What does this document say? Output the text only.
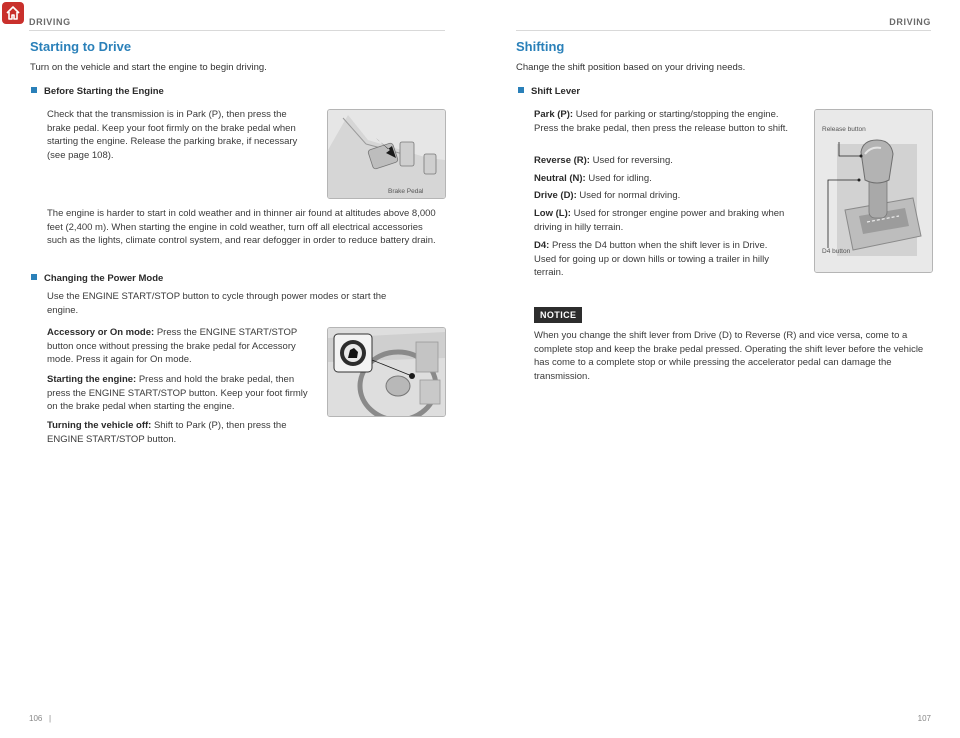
DRIVING	DRIVING
Starting to Drive
Turn on the vehicle and start the engine to begin driving.
Before Starting the Engine
Check that the transmission is in Park (P), then press the brake pedal. Keep your foot firmly on the brake pedal when starting the engine. Release the parking brake, if necessary (see page 108).
Brake Pedal
The engine is harder to start in cold weather and in thinner air found at altitudes above 8,000 feet (2,400 m). When starting the engine in cold weather, turn off all electrical accessories such as the lights, climate control system, and rear defogger in order to reduce battery drain.
Changing the Power Mode
Use the ENGINE START/STOP button to cycle through power modes or start the engine.
Accessory or On mode: Press the ENGINE START/STOP button once without pressing the brake pedal for Accessory mode. Press it again for On mode.
Starting the engine: Press and hold the brake pedal, then press the ENGINE START/STOP button. Keep your foot firmly on the brake pedal when starting the engine.
Turning the vehicle off: Shift to Park (P), then press the ENGINE START/STOP button.
Shifting
Change the shift position based on your driving needs.
Shift Lever
Park (P): Used for parking or starting/stopping the engine. Press the brake pedal, then press the release button to shift.
Reverse (R): Used for reversing.
Neutral (N): Used for idling.
Drive (D): Used for normal driving.
Low (L): Used for stronger engine power and braking when driving in hilly terrain.
D4: Press the D4 button when the shift lever is in Drive. Used for going up or down hills or towing a trailer in hilly terrain.
Release button
D4 button
NOTICE
When you change the shift lever from Drive (D) to Reverse (R) and vice versa, come to a complete stop and keep the brake pedal pressed. Operating the shift lever before the vehicle has come to a complete stop or while pressing the accelerator pedal can damage the transmission.
106 |	107
